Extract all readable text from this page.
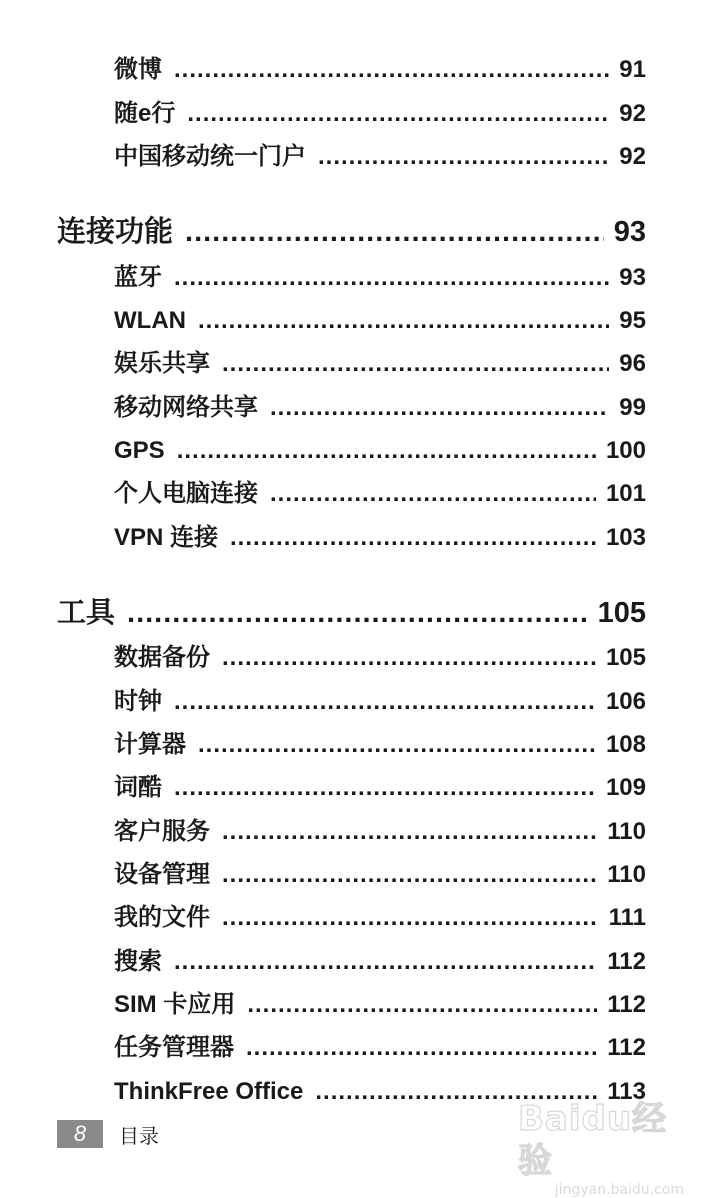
微博 .....	91
随e行 .....	92
中国移动统一门户 .....	92
连接功能 .....	93
蓝牙 .....	93
WLAN .....	95
娱乐共享 .....	96
移动网络共享 .....	99
GPS .....	100
个人电脑连接 .....	101
VPN 连接 .....	103
工具 .....	105
数据备份 .....	105
时钟 .....	106
计算器 .....	108
词酷 .....	109
客户服务 .....	110
设备管理 .....	110
我的文件 .....	111
搜索 .....	112
SIM 卡应用 .....	112
任务管理器 .....	112
ThinkFree Office .....	113
8	目录	Baidu经验
jingyan.baidu.com
